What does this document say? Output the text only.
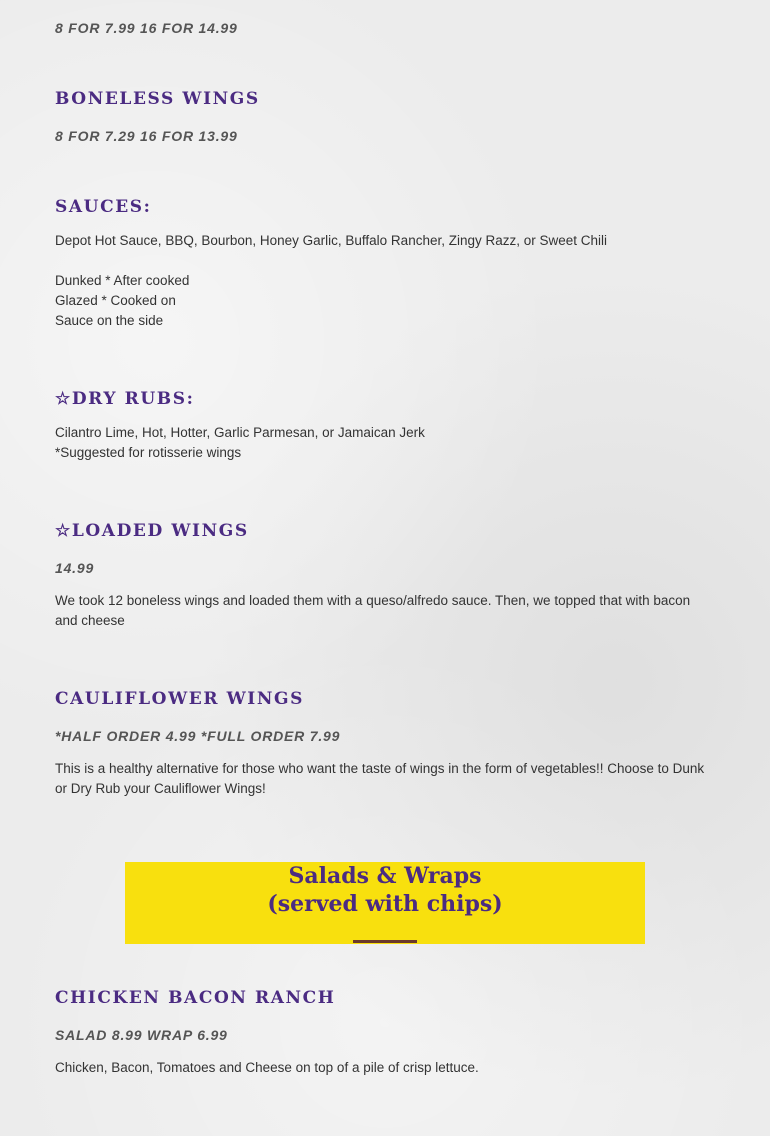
8 FOR 7.99 16 FOR 14.99

BONELESS WINGS

8 FOR 7.29 16 FOR 13.99

SAUCES:

Depot Hot Sauce, BBQ, Bourbon, Honey Garlic, Buffalo Rancher, Zingy Razz, or Sweet Chili

Dunked * After cooked

Glazed * Cooked on

Sauce on the side

☆DRY RUBS:

Cilantro Lime, Hot, Hotter, Garlic Parmesan, or Jamaican Jerk

*Suggested for rotisserie wings

☆LOADED WINGS

14.99

We took 12 boneless wings and loaded them with a queso/alfredo sauce. Then, we topped that with bacon and cheese

CAULIFLOWER WINGS

*HALF ORDER 4.99 *FULL ORDER 7.99

This is a healthy alternative for those who want the taste of wings in the form of vegetables!! Choose to Dunk or Dry Rub your Cauliflower Wings!

CHICKEN BACON RANCH

SALAD 8.99 WRAP 6.99

Chicken, Bacon, Tomatoes and Cheese on top of a pile of crisp lettuce.

Salads & Wraps

(served with chips)
